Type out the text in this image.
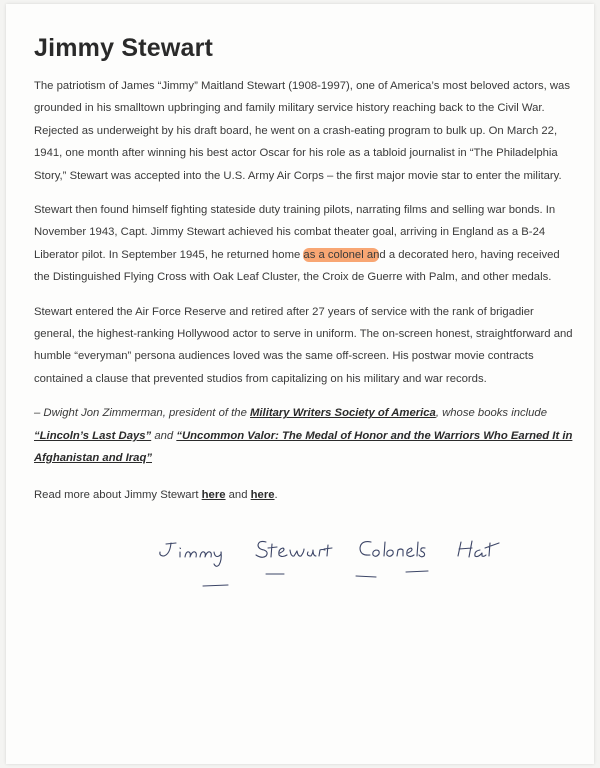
Jimmy Stewart

The patriotism of James “Jimmy” Maitland Stewart (1908-1997), one of America’s most beloved actors, was grounded in his smalltown upbringing and family military service history reaching back to the Civil War. Rejected as underweight by his draft board, he went on a crash-eating program to bulk up. On March 22, 1941, one month after winning his best actor Oscar for his role as a tabloid journalist in “The Philadelphia Story,” Stewart was accepted into the U.S. Army Air Corps – the first major movie star to enter the military.

Stewart then found himself fighting stateside duty training pilots, narrating films and selling war bonds. In November 1943, Capt. Jimmy Stewart achieved his combat theater goal, arriving in England as a B-24 Liberator pilot. In September 1945, he returned home as a colonel and a decorated hero, having received the Distinguished Flying Cross with Oak Leaf Cluster, the Croix de Guerre with Palm, and other medals.

Stewart entered the Air Force Reserve and retired after 27 years of service with the rank of brigadier general, the highest-ranking Hollywood actor to serve in uniform. The on-screen honest, straightforward and humble “everyman” persona audiences loved was the same off-screen. His postwar movie contracts contained a clause that prevented studios from capitalizing on his military and war records.

– Dwight Jon Zimmerman, president of the Military Writers Society of America, whose books include “Lincoln’s Last Days” and “Uncommon Valor: The Medal of Honor and the Warriors Who Earned It in Afghanistan and Iraq”

Read more about Jimmy Stewart here and here.
